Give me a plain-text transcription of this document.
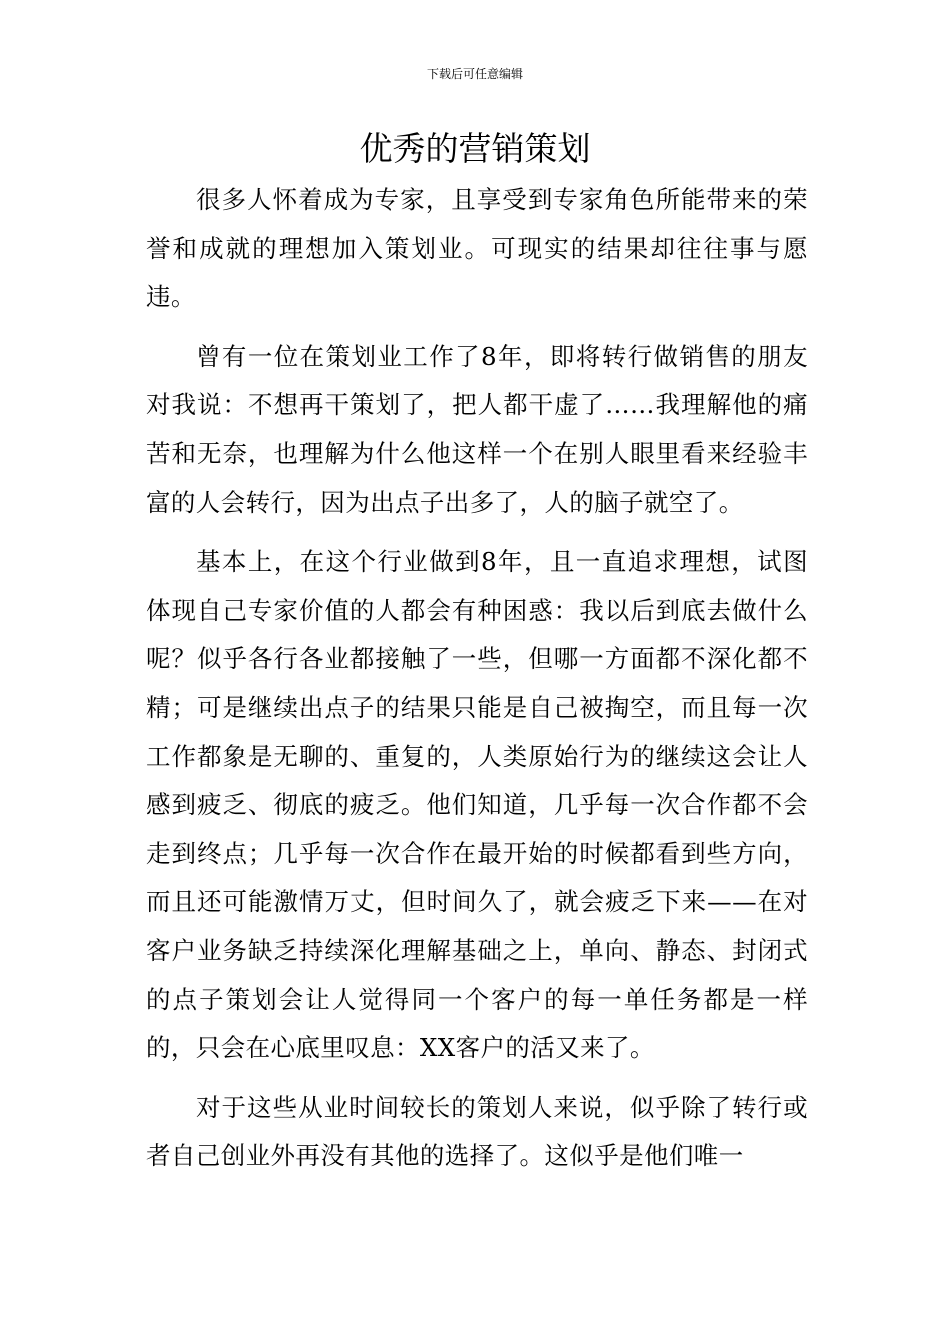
下载后可任意编辑
优秀的营销策划

很多人怀着成为专家，且享受到专家角色所能带来的荣誉和成就的理想加入策划业。可现实的结果却往往事与愿违。

曾有一位在策划业工作了8年，即将转行做销售的朋友对我说：不想再干策划了，把人都干虚了……我理解他的痛苦和无奈，也理解为什么他这样一个在别人眼里看来经验丰富的人会转行，因为出点子出多了，人的脑子就空了。

基本上，在这个行业做到8年，且一直追求理想，试图体现自己专家价值的人都会有种困惑：我以后到底去做什么呢？似乎各行各业都接触了一些，但哪一方面都不深化都不精；可是继续出点子的结果只能是自己被掏空，而且每一次工作都象是无聊的、重复的，人类原始行为的继续这会让人感到疲乏、彻底的疲乏。他们知道，几乎每一次合作都不会走到终点；几乎每一次合作在最开始的时候都看到些方向，而且还可能激情万丈，但时间久了，就会疲乏下来——在对客户业务缺乏持续深化理解基础之上，单向、静态、封闭式的点子策划会让人觉得同一个客户的每一单任务都是一样的，只会在心底里叹息：XX客户的活又来了。

对于这些从业时间较长的策划人来说，似乎除了转行或者自己创业外再没有其他的选择了。这似乎是他们唯一
